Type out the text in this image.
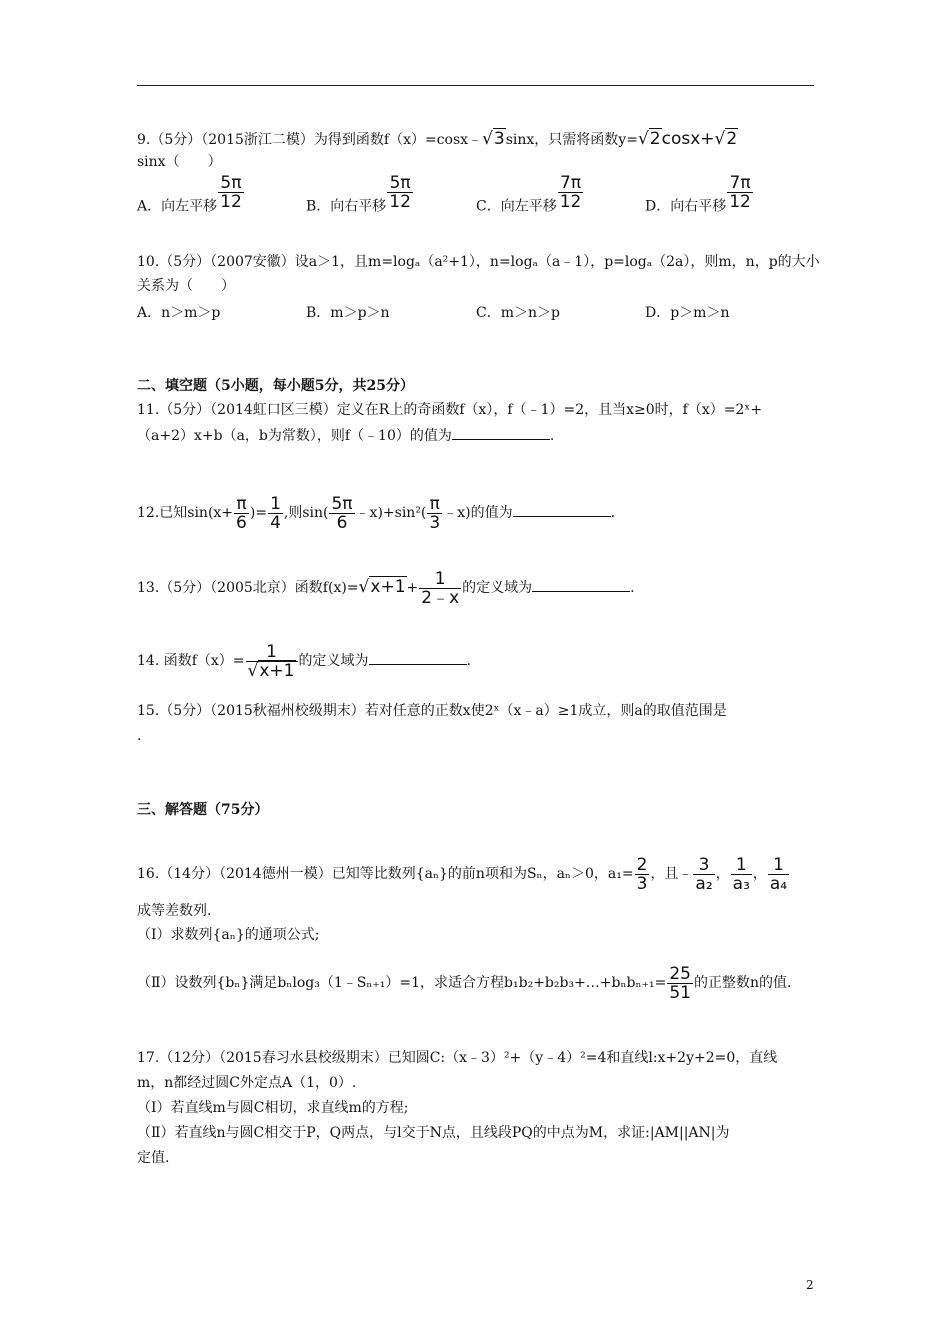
9.（5分）（2015浙江二模）为得到函数f（x）=cosx﹣√3sinx，只需将函数y=√2cosx+√2
sinx（　　）
A．向左平移 $\frac{5\pi}{12}$	B．向右平移 $\frac{5\pi}{12}$	C．向左平移 $\frac{7\pi}{12}$	D．向右平移 $\frac{7\pi}{12}$
10.（5分）（2007安徽）设a＞1，且m=logₐ（a²+1），n=logₐ（a﹣1），p=logₐ（2a），则m，n，p的大小
关系为（　　）
A．n＞m＞p	B．m＞p＞n	C．m＞n＞p	D．p＞m＞n
二、填空题（5小题，每小题5分，共25分）
11.（5分）（2014虹口区三模）定义在R上的奇函数f（x），f（﹣1）=2，且当x≥0时，f（x）=2ˣ+
（a+2）x+b（a，b为常数），则f（﹣10）的值为	.
12.已知$\sin(x+ \frac{\pi}{6}$ )= $\frac{1}{4}$ ,则$\sin( \frac{5\pi}{6}$ ﹣x)+sin²( $\frac{\pi}{3}$ ﹣x)的值为	.
13.（5分）（2005北京）函数$f(x)=√x+1+ \frac{1}{2﹣x}$ 的定义域为	.
14. 函数$f(x)= \frac{1}{√x+1}$ 的定义域为	.
15.（5分）（2015秋福州校级期末）若对任意的正数x使2ˣ（x﹣a）≥1成立，则a的取值范围是
.
三、解答题（75分）
16.（14分）（2014德州一模）已知等比数列{aₙ}的前n项和为Sₙ，aₙ＞0，$a_1= \frac{2}{3}$ ，且﹣ $\frac{3}{\text{a₂}}$ ， $\frac{1}{\text{a₃}}$ ， $\frac{1}{\text{a₄}}$
成等差数列.
（Ⅰ）求数列{aₙ}的通项公式;
（Ⅱ）设数列{bₙ}满足bₙlog₃（1﹣Sₙ₊₁）=1，求适合方程b₁b₂+b₂b₃+…+bₙbₙ₊₁= $\frac{25}{51}$ 的正整数n的值.
17.（12分）（2015春习水县校级期末）已知圆C:（x﹣3）²+（y﹣4）²=4和直线l:x+2y+2=0，直线
m，n都经过圆C外定点A（1，0）.
（Ⅰ）若直线m与圆C相切，求直线m的方程;
（Ⅱ）若直线n与圆C相交于P，Q两点，与l交于N点，且线段PQ的中点为M，求证:|AM||AN|为
定值.
2
